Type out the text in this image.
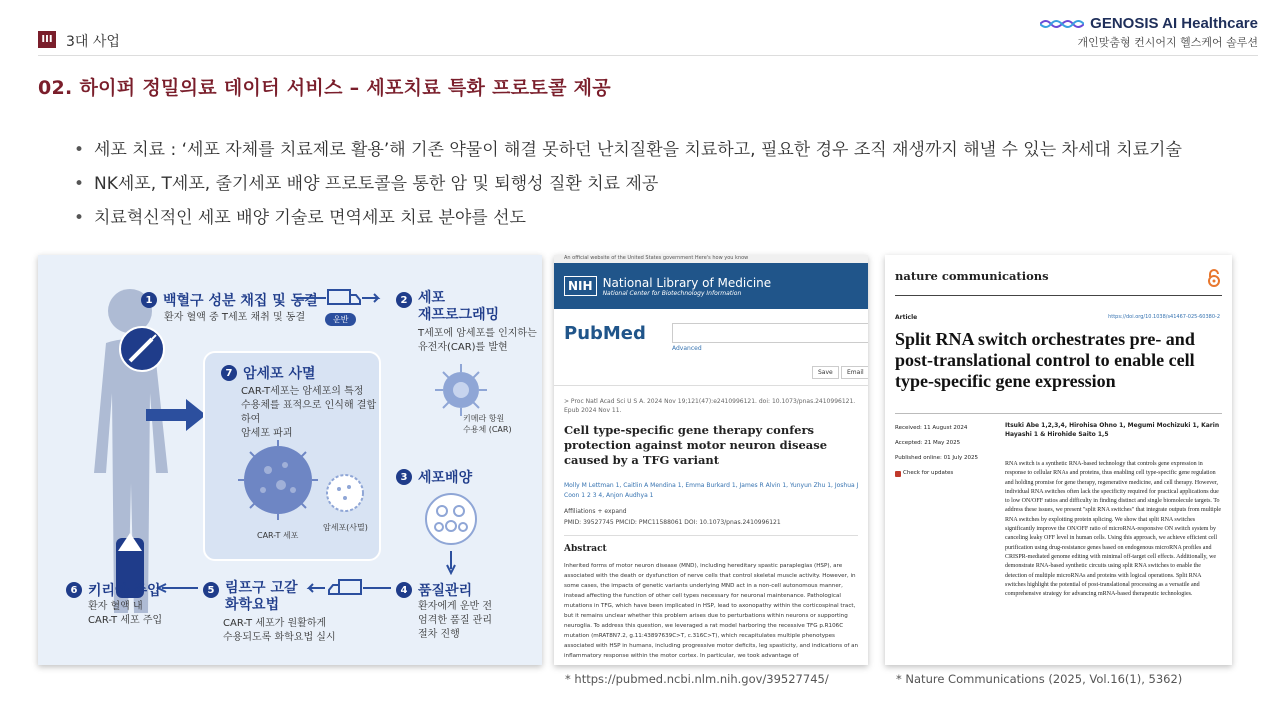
III 3대 사업
GENOSIS AI Healthcare
개인맞춤형 컨시어지 헬스케어 솔루션
02. 하이퍼 정밀의료 데이터 서비스 – 세포치료 특화 프로토콜 제공
• 세포 치료 : ‘세포 자체를 치료제로 활용’해 기존 약물이 해결 못하던 난치질환을 치료하고, 필요한 경우 조직 재생까지 해낼 수 있는 차세대 치료기술
• NK세포, T세포, 줄기세포 배양 프로토콜을 통한 암 및 퇴행성 질환 치료 제공
• 치료혁신적인 세포 배양 기술로 면역세포 치료 분야를 선도
1 백혈구 성분 채집 및 동결
환자 혈액 중 T세포 채취 및 동결	운반
2 세포
재프로그래밍
T세포에 암세포를 인지하는
유전자(CAR)를 발현
키메라 항원
수용체 (CAR)
3 세포배양
4 품질관리
환자에게 운반 전
엄격한 품질 관리
절차 진행
5 림프구 고갈
화학요법
CAR-T 세포가 원활하게
수용되도록 화학요법 실시
6 키리아 주입
환자 혈액 내
CAR-T 세포 주입
7 암세포 사멸
CAR-T세포는 암세포의 특정
수용체를 표적으로 인식해 결합하여
암세포 파괴
CAR-T 세포
암세포(사멸)
An official website of the United States government Here's how you know
NIH National Library of Medicine
National Center for Biotechnology Information
PubMed
Advanced
Save	Email
> Proc Natl Acad Sci U S A. 2024 Nov 19;121(47):e2410996121. doi: 10.1073/pnas.2410996121. Epub 2024 Nov 11.
Cell type-specific gene therapy confers protection against motor neuron disease caused by a TFG variant
Molly M Lettman 1, Caitlin A Mendina 1, Emma Burkard 1, James R Alvin 1, Yunyun Zhu 1, Joshua J Coon 1 2 3 4, Anjon Audhya 1
Affiliations + expand
PMID: 39527745 PMCID: PMC11588061 DOI: 10.1073/pnas.2410996121
Abstract
Inherited forms of motor neuron disease (MND), including hereditary spastic paraplegias (HSP), are associated with the death or dysfunction of nerve cells that control skeletal muscle activity. However, in some cases, the impacts of genetic variants underlying MND act in a non-cell autonomous manner, instead affecting the function of other cell types necessary for neuronal maintenance. Pathological mutations in TFG, which have been implicated in HSP, lead to axonopathy within the corticospinal tract, but it remains unclear whether this problem arises due to perturbations within neurons or supporting neuroglia. To address this question, we leveraged a rat model harboring the recessive TFG p.R106C mutation (mRAT8N7.2, g.11:43897639C>T, c.316C>T), which recapitulates multiple phenotypes associated with HSP in humans, including progressive motor deficits, leg spasticity, and indications of an inflammatory response within the motor cortex. In particular, we took advantage of
* https://pubmed.ncbi.nlm.nih.gov/39527745/
nature communications
Article	https://doi.org/10.1038/s41467-025-60380-2
Split RNA switch orchestrates pre- and post-translational control to enable cell type-specific gene expression
Received: 11 August 2024
Accepted: 21 May 2025
Published online: 01 July 2025
Check for updates
Itsuki Abe 1,2,3,4, Hirohisa Ohno 1, Megumi Mochizuki 1, Karin Hayashi 1 & Hirohide Saito 1,5
RNA switch is a synthetic RNA-based technology that controls gene expression in response to cellular RNAs and proteins, thus enabling cell type-specific gene regulation and holding promise for gene therapy, regenerative medicine, and cell therapy. However, individual RNA switches often lack the specificity required for practical applications due to low ON/OFF ratios and difficulty in finding distinct and single biomolecule targets. To address these issues, we present "split RNA switches" that integrate outputs from multiple RNA switches by exploiting protein splicing. We show that split RNA switches significantly improve the ON/OFF ratio of microRNA-responsive ON switch system by canceling leaky OFF level in human cells. Using this approach, we achieve efficient cell purification using drug-resistance genes based on endogenous microRNA profiles and CRISPR-mediated genome editing with minimal off-target cell effects. Additionally, we demonstrate RNA-based synthetic circuits using split RNA switches to enable the detection of multiple microRNAs and proteins with logical operations. Split RNA switches highlight the potential of post-translational processing as a versatile and comprehensive strategy for advancing mRNA-based therapeutic technologies.
* Nature Communications (2025, Vol.16(1), 5362)
